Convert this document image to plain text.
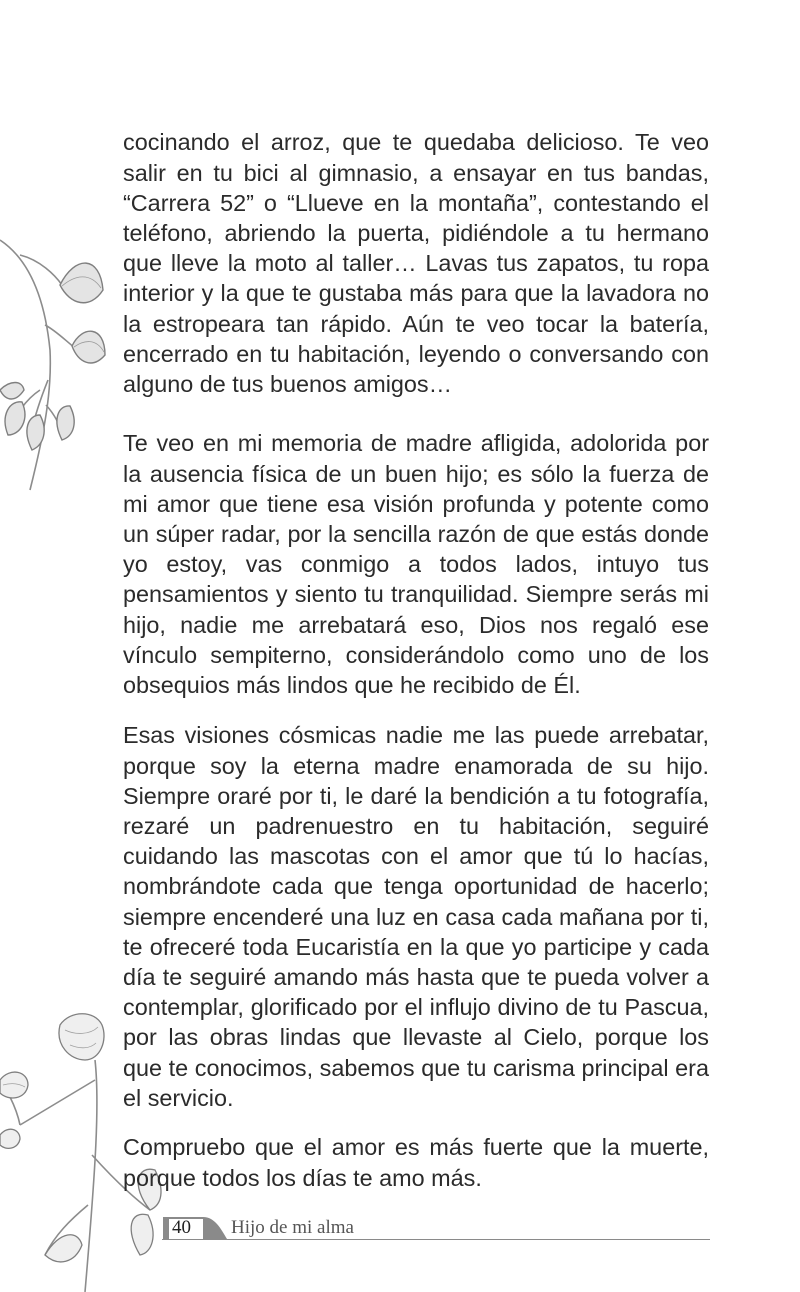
cocinando el arroz, que te quedaba delicioso. Te veo salir en tu bici al gimnasio, a ensayar en tus bandas, “Carrera 52” o “Llueve en la montaña”, contestando el teléfono, abriendo la puerta, pidiéndole a tu hermano que lleve la moto al taller… Lavas tus zapatos, tu ropa interior y la que te gustaba más para que la lavadora no la estropeara tan rápido. Aún te veo tocar la batería, encerrado en tu habitación, leyendo o conversando con alguno de tus buenos amigos…

Te veo en mi memoria de madre afligida, adolorida por la ausencia física de un buen hijo; es sólo la fuerza de mi amor que tiene esa visión profunda y potente como un súper radar, por la sencilla razón de que estás donde yo estoy, vas conmigo a todos lados, intuyo tus pensamientos y siento tu tranquilidad. Siempre serás mi hijo, nadie me arrebatará eso, Dios nos regaló ese vínculo sempiterno, considerándolo como uno de los obsequios más lindos que he recibido de Él.

Esas visiones cósmicas nadie me las puede arrebatar, porque soy la eterna madre enamorada de su hijo. Siempre oraré por ti, le daré la bendición a tu fotografía, rezaré un padrenuestro en tu habitación, seguiré cuidando las mascotas con el amor que tú lo hacías, nombrándote cada que tenga oportunidad de hacerlo; siempre encenderé una luz en casa cada mañana por ti, te ofreceré toda Eucaristía en la que yo participe y cada día te seguiré amando más hasta que te pueda volver a contemplar, glorificado por el influjo divino de tu Pascua, por las obras lindas que llevaste al Cielo, porque los que te conocimos, sabemos que tu carisma principal era el servicio.

Compruebo que el amor es más fuerte que la muerte, porque todos los días te amo más.

40	Hijo de mi alma
